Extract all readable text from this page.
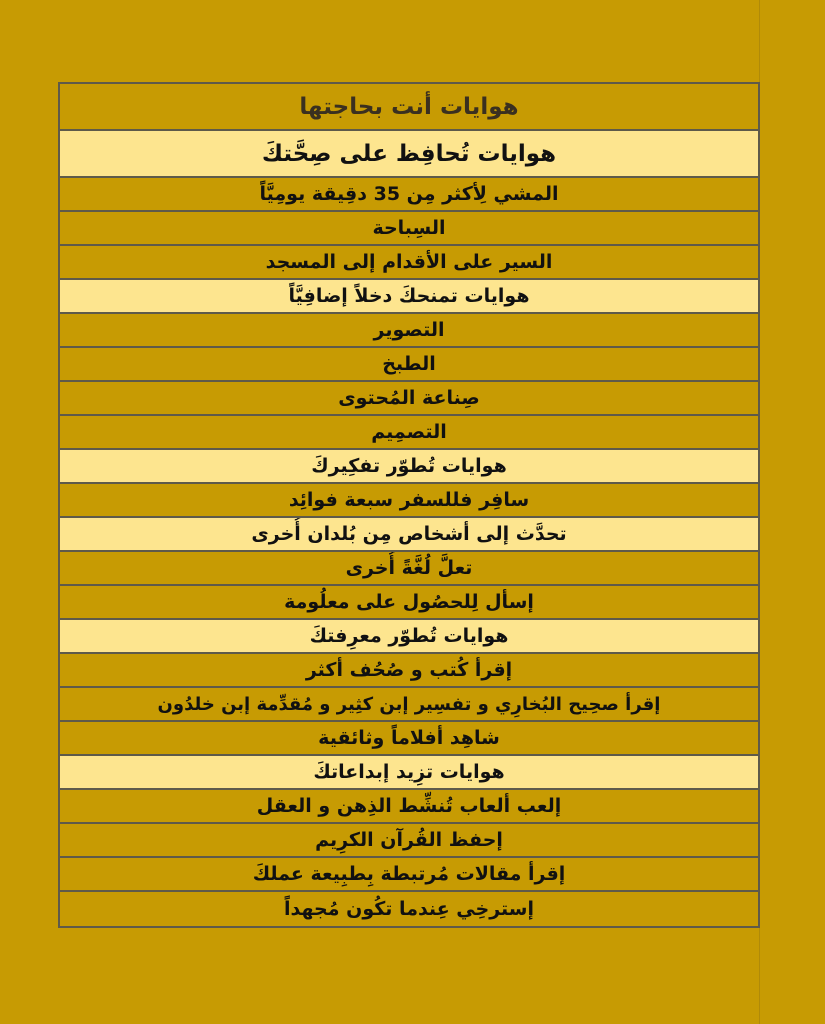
هوايات أنت بحاجتها
هوايات تُحافِظ على صِحَّتكَ
المشي لِأكثر مِن 35 دقِيقة يومِيَّاً
السِباحة
السير على الأقدام إلى المسجد
هوايات تمنحكَ دخلاً إضافِيَّاً
التصوير
الطبخ
صِناعة المُحتوى
التصمِيم
هوايات تُطوّر تفكِيركَ
سافِر فللسفر سبعة فوائِد
تحدَّث إلى أشخاص مِن بُلدان أُخرى
تعلَّ لُغَّةً أُخرى
إسأل لِلحصُول على معلُومة
هوايات تُطوّر معرِفتكَ
إقرأ كُتب و صُحُف أكثر
إقرأ صحِيح البُخارِي و تفسِير إبن كثِير و مُقدِّمة إبن خلدُون
شاهِد أفلاماً وثائقية
هوايات تزِيد إبداعاتكَ
إلعب ألعاب تُنشِّط الذِهن و العقل
إحفظ القُرآن الكرِيم
إقرأ مقالات مُرتبطة بِطبِيعة عملكَ
إسترخِي عِندما تكُون مُجهداً
